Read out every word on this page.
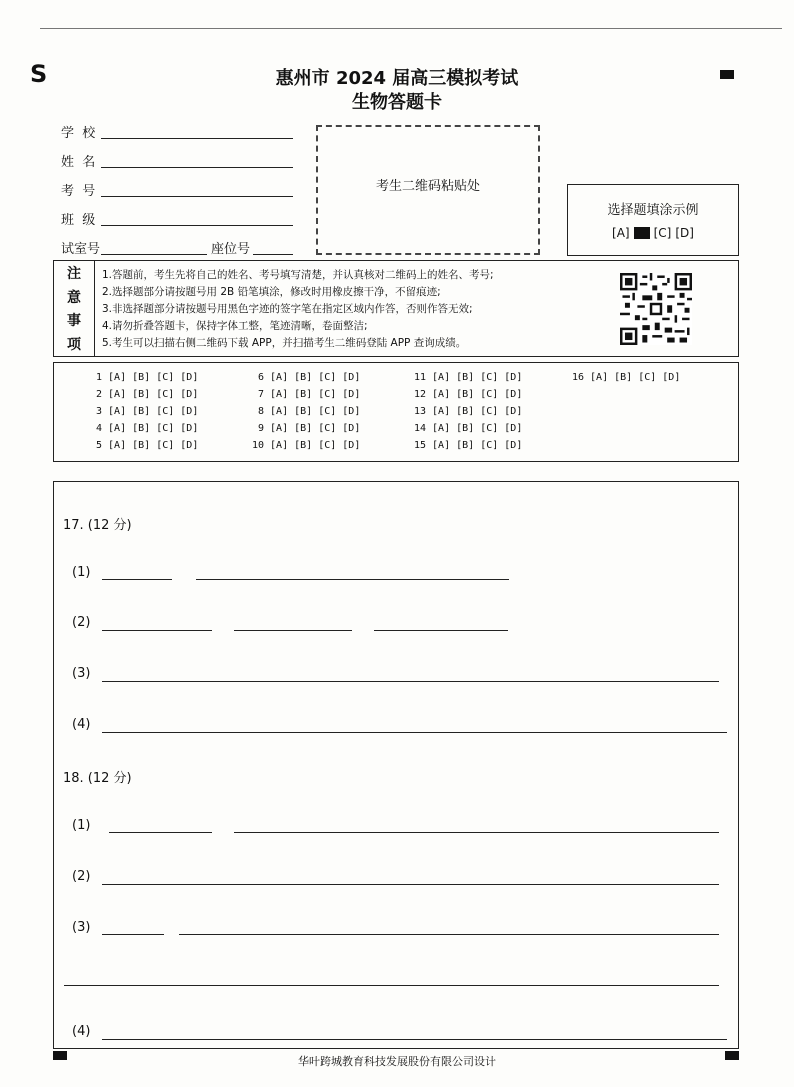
S	惠州市 2024 届高三模拟考试
生物答题卡
学  校
姓  名
考  号
班  级
试室号	座位号
考生二维码粘贴处
选择题填涂示例
[A] [C] [D]
注
意
事
项
1.答题前，考生先将自己的姓名、考号填写清楚，并认真核对二维码上的姓名、考号;
2.选择题部分请按题号用 2B 铅笔填涂，修改时用橡皮擦干净，不留痕迹;
3.非选择题部分请按题号用黑色字迹的签字笔在指定区域内作答，否则作答无效;
4.请勿折叠答题卡，保持字体工整，笔迹清晰，卷面整洁;
5.考生可以扫描右侧二维码下载 APP，并扫描考生二维码登陆 APP 查询成绩。
1 [A] [B] [C] [D]
2 [A] [B] [C] [D]
3 [A] [B] [C] [D]
4 [A] [B] [C] [D]
5 [A] [B] [C] [D]
6 [A] [B] [C] [D]
7 [A] [B] [C] [D]
8 [A] [B] [C] [D]
9 [A] [B] [C] [D]
10 [A] [B] [C] [D]
11 [A] [B] [C] [D]
12 [A] [B] [C] [D]
13 [A] [B] [C] [D]
14 [A] [B] [C] [D]
15 [A] [B] [C] [D]
16 [A] [B] [C] [D]
17. (12 分)
(1)
(2)
(3)
(4)
18. (12 分)
(1)
(2)
(3)
(4)
华叶跨城教育科技发展股份有限公司设计
